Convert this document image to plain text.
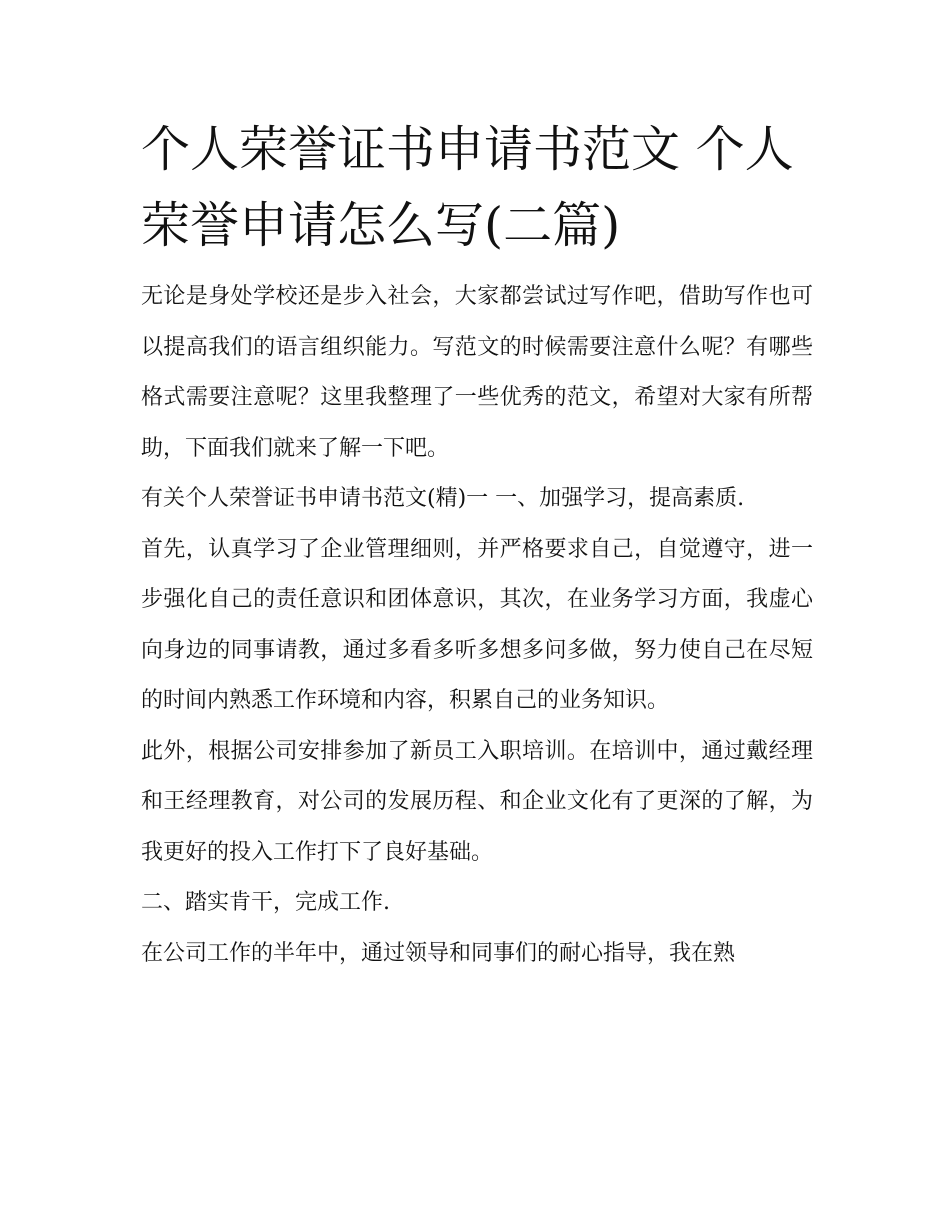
个人荣誉证书申请书范文 个人荣誉申请怎么写(二篇)

无论是身处学校还是步入社会，大家都尝试过写作吧，借助写作也可以提高我们的语言组织能力。写范文的时候需要注意什么呢？有哪些格式需要注意呢？这里我整理了一些优秀的范文，希望对大家有所帮助，下面我们就来了解一下吧。

有关个人荣誉证书申请书范文(精)一 一、加强学习，提高素质.

首先，认真学习了企业管理细则，并严格要求自己，自觉遵守，进一步强化自己的责任意识和团体意识，其次，在业务学习方面，我虚心向身边的同事请教，通过多看多听多想多问多做，努力使自己在尽短的时间内熟悉工作环境和内容，积累自己的业务知识。

此外，根据公司安排参加了新员工入职培训。在培训中，通过戴经理和王经理教育，对公司的发展历程、和企业文化有了更深的了解，为我更好的投入工作打下了良好基础。

二、踏实肯干，完成工作.

在公司工作的半年中，通过领导和同事们的耐心指导，我在熟
